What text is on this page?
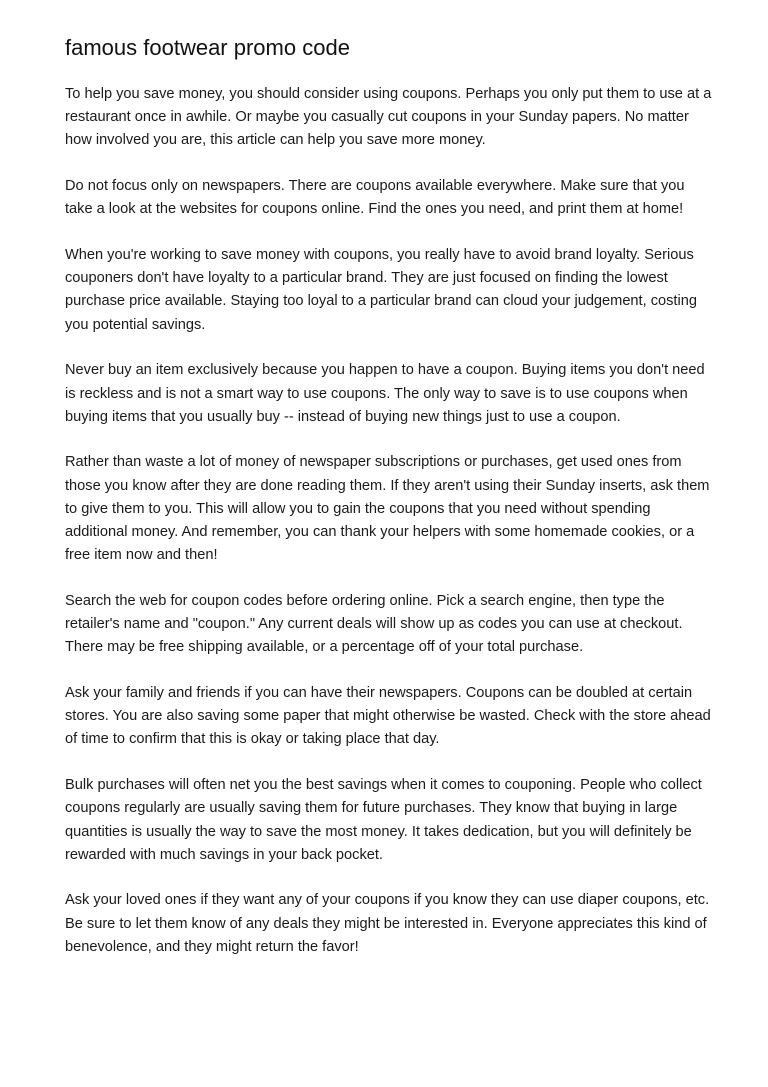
famous footwear promo code

To help you save money, you should consider using coupons. Perhaps you only put them to use at a restaurant once in awhile. Or maybe you casually cut coupons in your Sunday papers. No matter how involved you are, this article can help you save more money.

Do not focus only on newspapers. There are coupons available everywhere. Make sure that you take a look at the websites for coupons online. Find the ones you need, and print them at home!

When you're working to save money with coupons, you really have to avoid brand loyalty. Serious couponers don't have loyalty to a particular brand. They are just focused on finding the lowest purchase price available. Staying too loyal to a particular brand can cloud your judgement, costing you potential savings.

Never buy an item exclusively because you happen to have a coupon. Buying items you don't need is reckless and is not a smart way to use coupons. The only way to save is to use coupons when buying items that you usually buy -- instead of buying new things just to use a coupon.

Rather than waste a lot of money of newspaper subscriptions or purchases, get used ones from those you know after they are done reading them. If they aren't using their Sunday inserts, ask them to give them to you. This will allow you to gain the coupons that you need without spending additional money. And remember, you can thank your helpers with some homemade cookies, or a free item now and then!

Search the web for coupon codes before ordering online. Pick a search engine, then type the retailer's name and "coupon." Any current deals will show up as codes you can use at checkout. There may be free shipping available, or a percentage off of your total purchase.

Ask your family and friends if you can have their newspapers. Coupons can be doubled at certain stores. You are also saving some paper that might otherwise be wasted. Check with the store ahead of time to confirm that this is okay or taking place that day.

Bulk purchases will often net you the best savings when it comes to couponing. People who collect coupons regularly are usually saving them for future purchases. They know that buying in large quantities is usually the way to save the most money. It takes dedication, but you will definitely be rewarded with much savings in your back pocket.

Ask your loved ones if they want any of your coupons if you know they can use diaper coupons, etc. Be sure to let them know of any deals they might be interested in. Everyone appreciates this kind of benevolence, and they might return the favor!
